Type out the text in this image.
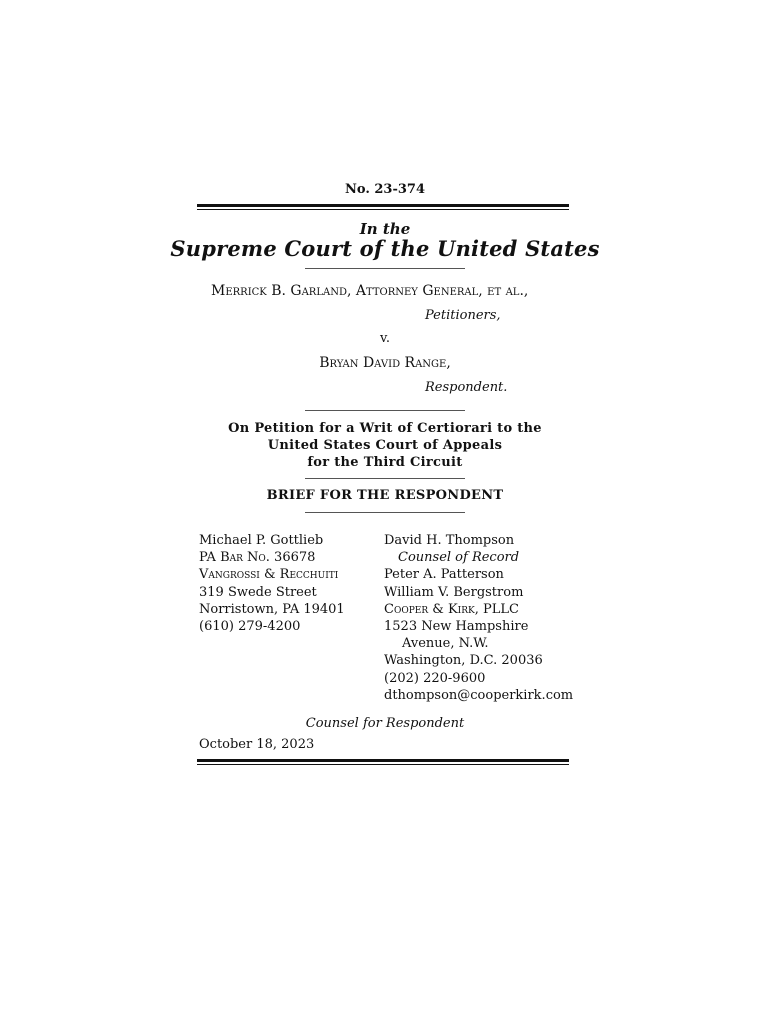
No. 23-374
In the
Supreme Court of the United States
Merrick B. Garland, Attorney General, et al.,
Petitioners,
v.
Bryan David Range,
Respondent.
On Petition for a Writ of Certiorari to the
United States Court of Appeals
for the Third Circuit
BRIEF FOR THE RESPONDENT
Michael P. Gottlieb
PA Bar No. 36678
Vangrossi & Recchuiti
319 Swede Street
Norristown, PA 19401
(610) 279-4200
David H. Thompson
Counsel of Record
Peter A. Patterson
William V. Bergstrom
Cooper & Kirk, PLLC
1523 New Hampshire
Avenue, N.W.
Washington, D.C. 20036
(202) 220-9600
dthompson@cooperkirk.com
Counsel for Respondent
October 18, 2023
